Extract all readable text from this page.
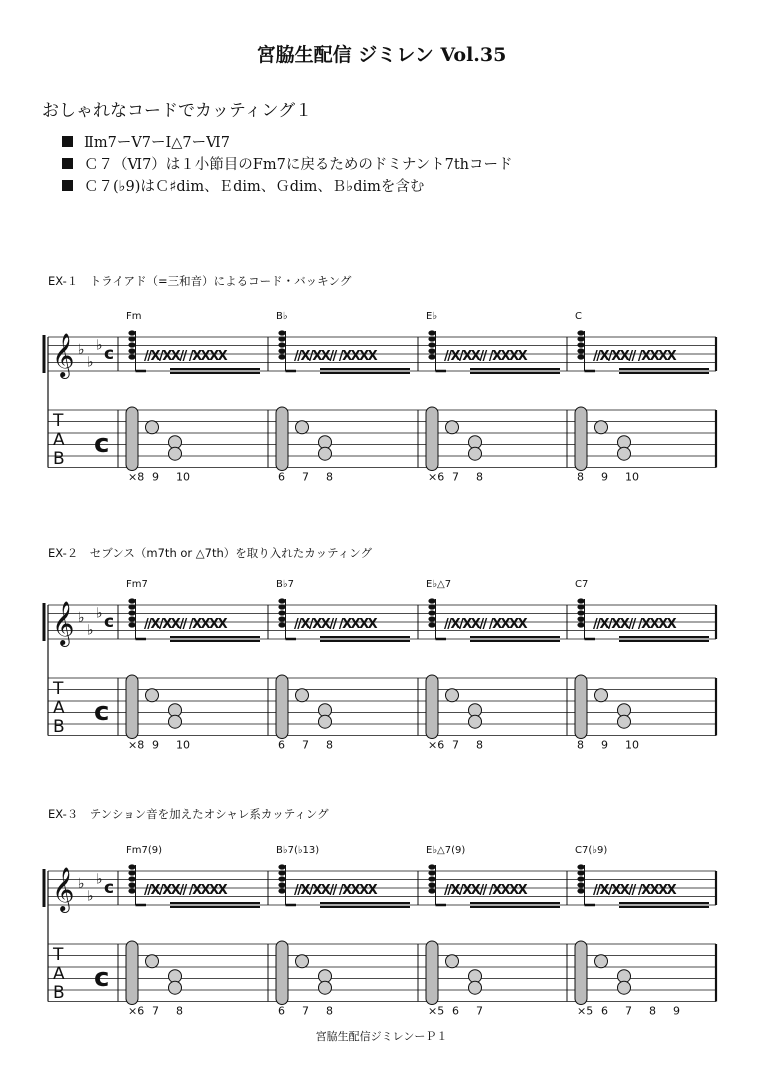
宮脇生配信 ジミレン Vol.35
おしゃれなコードでカッティング１
Ⅱm7ーⅤ7ーⅠ△7ーⅥ7
Ｃ７（Ⅵ7）は１小節目のFm7に戻るためのドミナント7thコード
Ｃ７(♭9)はＣ♯dim、Ｅdim、Ｇdim、Ｂ♭dimを含む
EX-１　トライアド（=三和音）によるコード・バッキング
𝄞 ♭
♭
♭ c
T
A
B c
Fm
//X/XX// /XXXX
×8 9 10
B♭
//X/XX// /XXXX
6 7 8
E♭
//X/XX// /XXXX
×6 7 8
C
//X/XX// /XXXX
8 9 10
EX-２　セブンス（m7th or △7th）を取り入れたカッティング
𝄞 ♭
♭
♭ c
T
A
B c
Fm7
//X/XX// /XXXX
×8 9 10
B♭7
//X/XX// /XXXX
6 7 8
E♭△7
//X/XX// /XXXX
×6 7 8
C7
//X/XX// /XXXX
8 9 10
EX-３　テンション音を加えたオシャレ系カッティング
𝄞 ♭
♭
♭ c
T
A
B c
Fm7(9)
//X/XX// /XXXX
×6 7 8
B♭7(♭13)
//X/XX// /XXXX
6 7 8
E♭△7(9)
//X/XX// /XXXX
×5 6 7
C7(♭9)
//X/XX// /XXXX
×5 6 7 8 9
宮脇生配信ジミレンーＰ１
